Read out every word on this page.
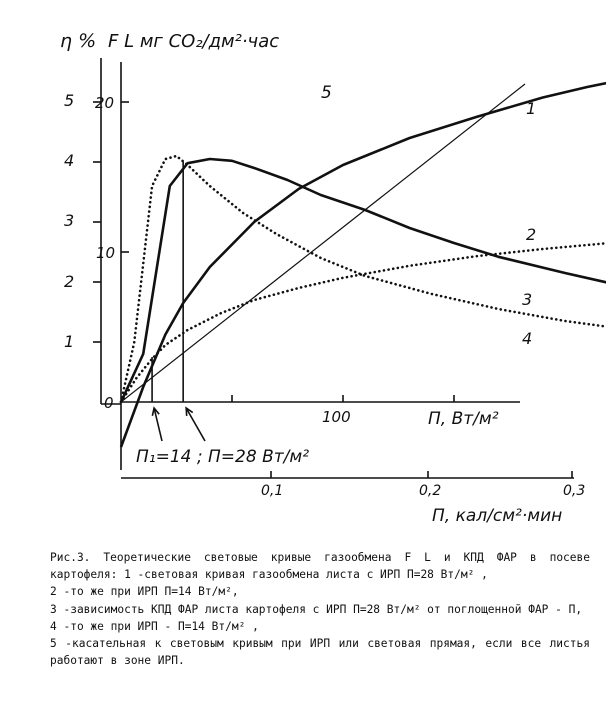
η % F L мг CO₂/дм²·час
5
4
3
2
1
20
10
0
100	П, Вт/м²
0,1	0,2	0,3
П, кал/см²·мин
П₁=14 ; П=28 Вт/м²
1
2
3
4
5

Рис.3. Теоретические световые кривые газообмена F L и КПД ФАР в посеве картофеля: 1 -световая кривая газообмена листа с ИРП П=28 Вт/м² ,

2 -то же при ИРП П=14 Вт/м²,

3 -зависимость КПД ФАР листа картофеля с ИРП П=28 Вт/м² от поглощенной ФАР - П,

4 -то же при ИРП - П=14 Вт/м² ,

5 -касательная к световым кривым при ИРП или световая прямая, если все листья работают в зоне ИРП.
